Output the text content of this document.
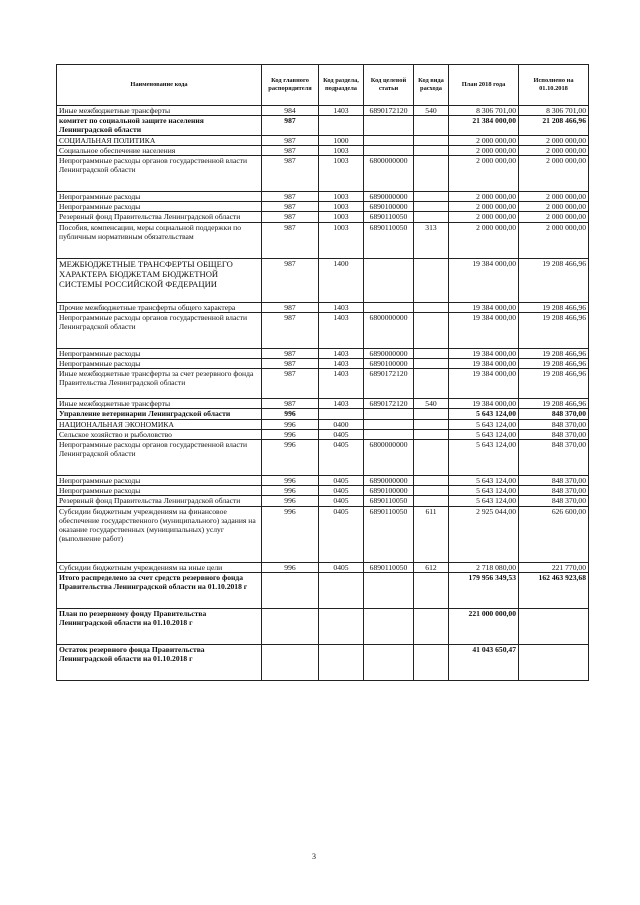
Наименование кода	Код главного распорядителя	Код раздела, подраздела	Код целевой статьи	Код вида расхода	План 2018 года	Исполнено на 01.10.2018
Иные межбюджетные трансферты	984	1403	6890172120	540	8 306 701,00	8 306 701,00
комитет по социальной защите населения Ленинградской области	987				21 384 000,00	21 208 466,96
СОЦИАЛЬНАЯ ПОЛИТИКА	987	1000			2 000 000,00	2 000 000,00
Социальное обеспечение населения	987	1003			2 000 000,00	2 000 000,00
Непрограммные расходы органов государственной власти Ленинградской области	987	1003	6800000000		2 000 000,00	2 000 000,00
Непрограммные расходы	987	1003	6890000000		2 000 000,00	2 000 000,00
Непрограммные расходы	987	1003	6890100000		2 000 000,00	2 000 000,00
Резервный фонд Правительства Ленинградской области	987	1003	6890110050		2 000 000,00	2 000 000,00
Пособия, компенсации, меры социальной поддержки по публичным нормативным обязательствам	987	1003	6890110050	313	2 000 000,00	2 000 000,00
МЕЖБЮДЖЕТНЫЕ ТРАНСФЕРТЫ ОБЩЕГО ХАРАКТЕРА БЮДЖЕТАМ БЮДЖЕТНОЙ СИСТЕМЫ РОССИЙСКОЙ ФЕДЕРАЦИИ	987	1400			19 384 000,00	19 208 466,96
Прочие межбюджетные трансферты общего характера	987	1403			19 384 000,00	19 208 466,96
Непрограммные расходы органов государственной власти Ленинградской области	987	1403	6800000000		19 384 000,00	19 208 466,96
Непрограммные расходы	987	1403	6890000000		19 384 000,00	19 208 466,96
Непрограммные расходы	987	1403	6890100000		19 384 000,00	19 208 466,96
Иные межбюджетные трансферты за счет резервного фонда Правительства Ленинградской области	987	1403	6890172120		19 384 000,00	19 208 466,96
Иные межбюджетные трансферты	987	1403	6890172120	540	19 384 000,00	19 208 466,96
Управление ветеринарии Ленинградской области	996				5 643 124,00	848 370,00
НАЦИОНАЛЬНАЯ ЭКОНОМИКА	996	0400			5 643 124,00	848 370,00
Сельское хозяйство и рыболовство	996	0405			5 643 124,00	848 370,00
Непрограммные расходы органов государственной власти Ленинградской области	996	0405	6800000000		5 643 124,00	848 370,00
Непрограммные расходы	996	0405	6890000000		5 643 124,00	848 370,00
Непрограммные расходы	996	0405	6890100000		5 643 124,00	848 370,00
Резервный фонд Правительства Ленинградской области	996	0405	6890110050		5 643 124,00	848 370,00
Субсидии бюджетным учреждениям на финансовое обеспечение государственного (муниципального) задания на оказание государственных (муниципальных) услуг (выполнение работ)	996	0405	6890110050	611	2 925 044,00	626 600,00
Субсидии бюджетным учреждениям на иные цели	996	0405	6890110050	612	2 718 080,00	221 770,00
Итого распределено за счет средств резервного фонда Правительства Ленинградской области на 01.10.2018 г					179 956 349,53	162 463 923,68
План по резервному фонду Правительства Ленинградской области на 01.10.2018 г					221 000 000,00	
Остаток резервного фонда Правительства Ленинградской области на 01.10.2018 г					41 043 650,47	
3
